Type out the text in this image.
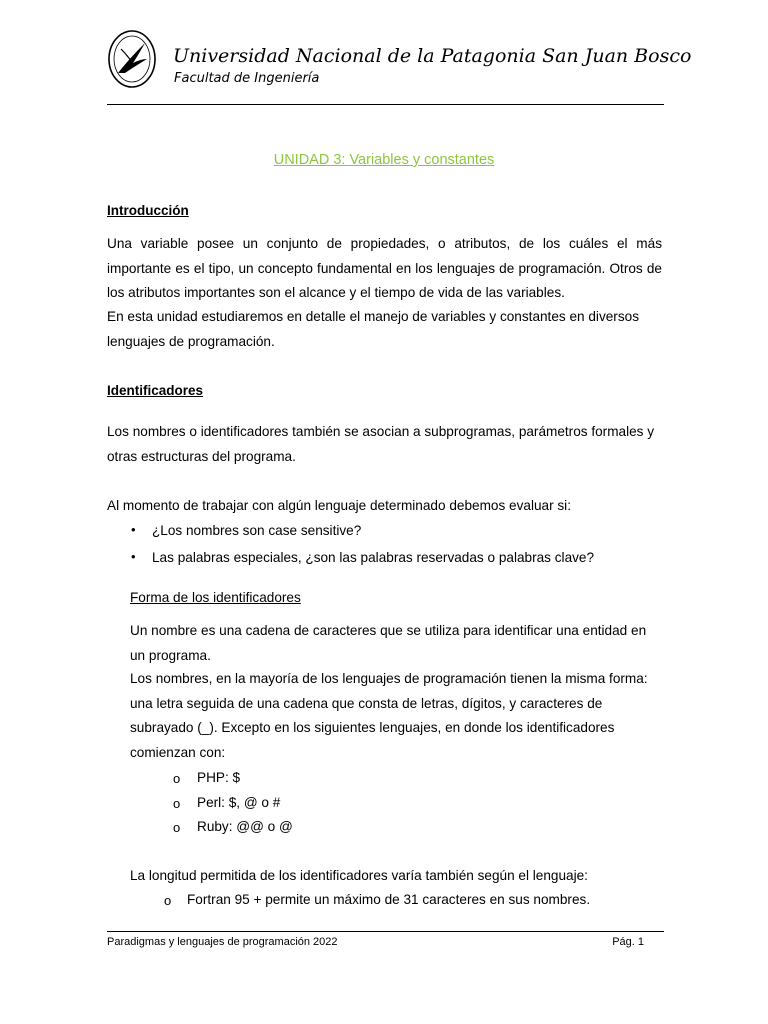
Universidad Nacional de la Patagonia San Juan Bosco
Facultad de Ingeniería
UNIDAD 3: Variables y constantes
Introducción
Una variable posee un conjunto de propiedades, o atributos, de los cuáles el más importante es el tipo, un concepto fundamental en los lenguajes de programación. Otros de los atributos importantes son el alcance y el tiempo de vida de las variables.
En esta unidad estudiaremos en detalle el manejo de variables y constantes en diversos lenguajes de programación.
Identificadores
Los nombres o identificadores también se asocian a subprogramas, parámetros formales y otras estructuras del programa.
Al momento de trabajar con algún lenguaje determinado debemos evaluar si:
• ¿Los nombres son case sensitive?
• Las palabras especiales, ¿son las palabras reservadas o palabras clave?
Forma de los identificadores
Un nombre es una cadena de caracteres que se utiliza para identificar una entidad en un programa.
Los nombres, en la mayoría de los lenguajes de programación tienen la misma forma: una letra seguida de una cadena que consta de letras, dígitos, y caracteres de subrayado (_). Excepto en los siguientes lenguajes, en donde los identificadores comienzan con:
o PHP: $
o Perl: $, @ o #
o Ruby: @@ o @
La longitud permitida de los identificadores varía también según el lenguaje:
o Fortran 95 + permite un máximo de 31 caracteres en sus nombres.
Paradigmas y lenguajes de programación 2022	Pág. 1
